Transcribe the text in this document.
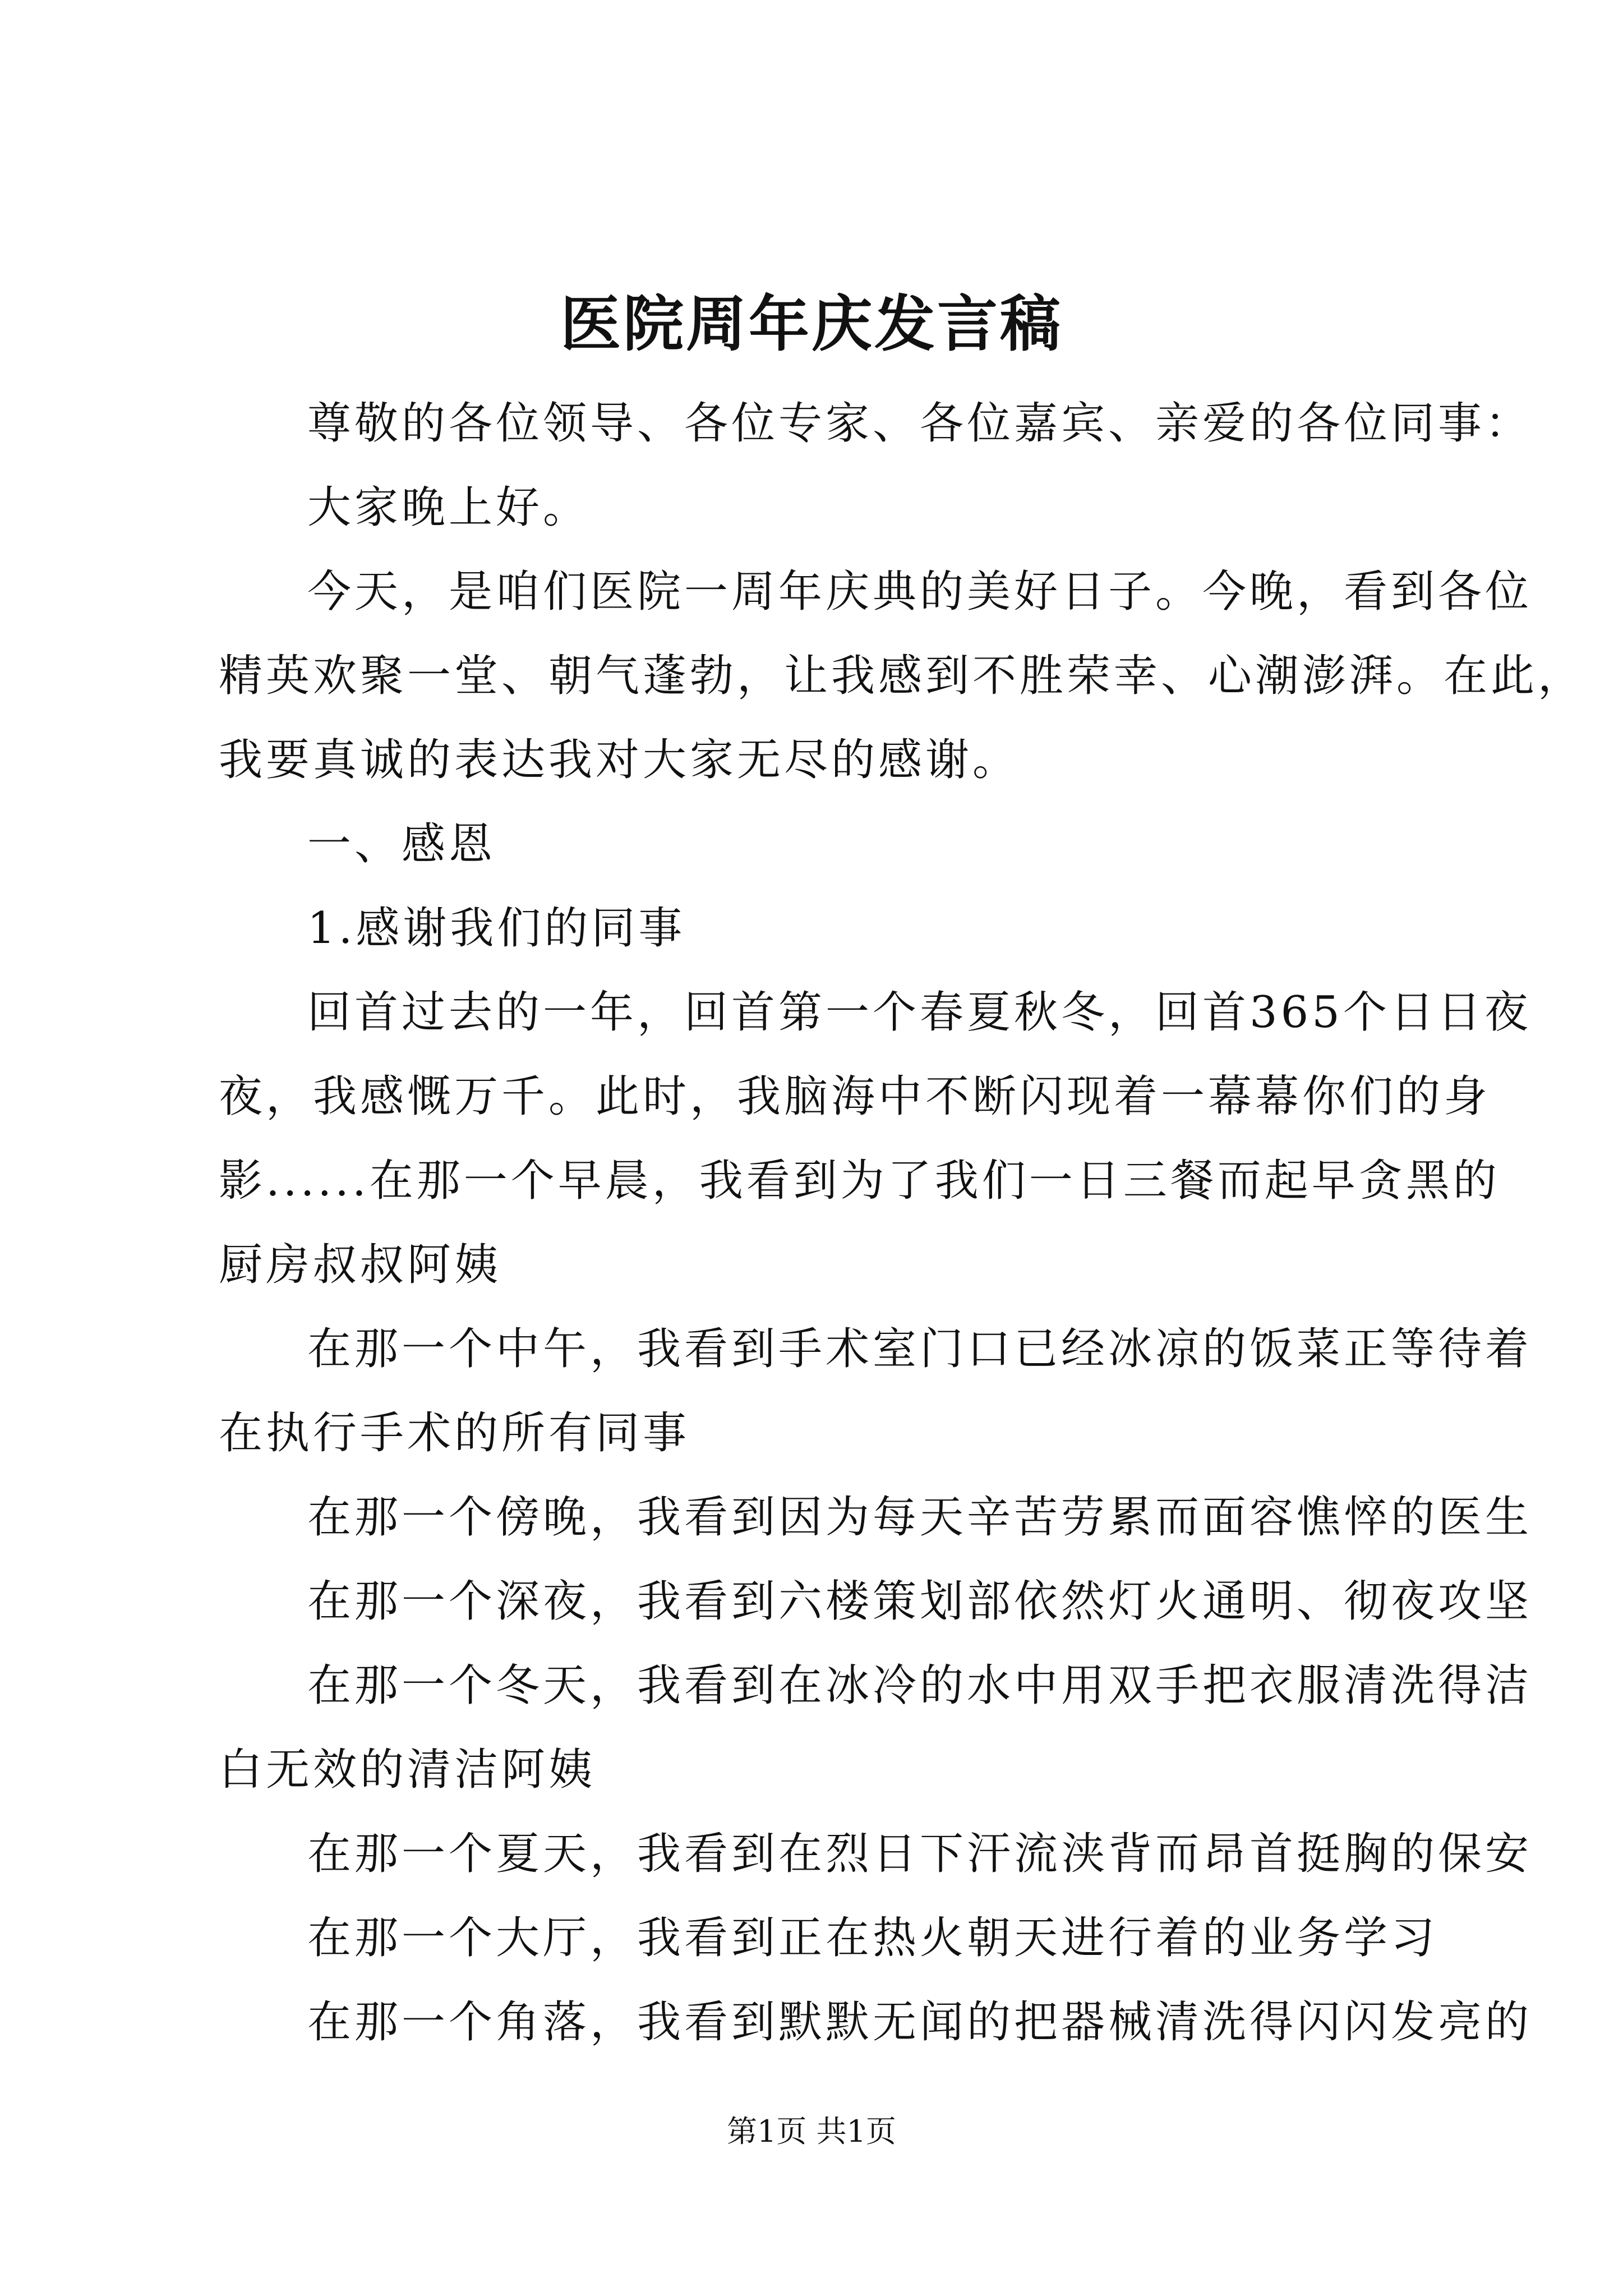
医院周年庆发言稿
尊敬的各位领导、各位专家、各位嘉宾、亲爱的各位同事：
大家晚上好。
今天，是咱们医院一周年庆典的美好日子。今晚，看到各位
精英欢聚一堂、朝气蓬勃，让我感到不胜荣幸、心潮澎湃。在此，
我要真诚的表达我对大家无尽的感谢。
一、感恩
1.感谢我们的同事
回首过去的一年，回首第一个春夏秋冬，回首365个日日夜
夜，我感慨万千。此时，我脑海中不断闪现着一幕幕你们的身
影......在那一个早晨，我看到为了我们一日三餐而起早贪黑的
厨房叔叔阿姨
在那一个中午，我看到手术室门口已经冰凉的饭菜正等待着
在执行手术的所有同事
在那一个傍晚，我看到因为每天辛苦劳累而面容憔悴的医生
在那一个深夜，我看到六楼策划部依然灯火通明、彻夜攻坚
在那一个冬天，我看到在冰冷的水中用双手把衣服清洗得洁
白无效的清洁阿姨
在那一个夏天，我看到在烈日下汗流浃背而昂首挺胸的保安
在那一个大厅，我看到正在热火朝天进行着的业务学习
在那一个角落，我看到默默无闻的把器械清洗得闪闪发亮的
第1页 共1页
